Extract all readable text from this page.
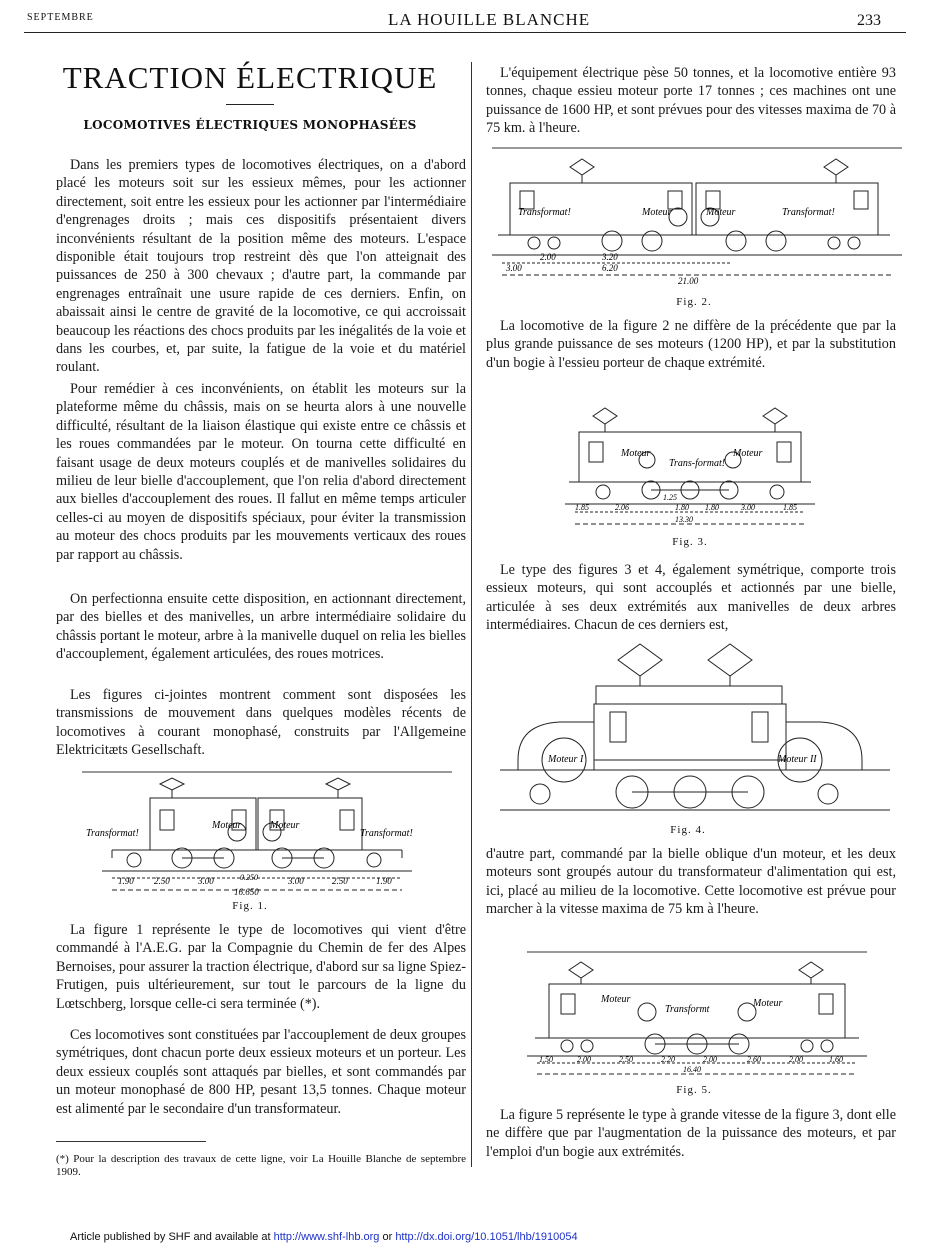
SEPTEMBRE	LA HOUILLE BLANCHE	233
TRACTION ÉLECTRIQUE
LOCOMOTIVES ÉLECTRIQUES MONOPHASÉES
Dans les premiers types de locomotives électriques, on a d'abord placé les moteurs soit sur les essieux mêmes, pour les actionner directement, soit entre les essieux pour les actionner par l'intermédiaire d'engrenages droits ; mais ces dispositifs présentaient divers inconvénients résultant de la position même des moteurs. L'espace disponible était toujours trop restreint dès que l'on atteignait des puissances de 250 à 300 chevaux ; d'autre part, la commande par engrenages entraînait une usure rapide de ces derniers. Enfin, on abaissait ainsi le centre de gravité de la locomotive, ce qui accroissait beaucoup les réactions des chocs produits par les inégalités de la voie et dans les courbes, et, par suite, la fatigue de la voie et du matériel roulant.
Pour remédier à ces inconvénients, on établit les moteurs sur la plateforme même du châssis, mais on se heurta alors à une nouvelle difficulté, résultant de la liaison élastique qui existe entre ce châssis et les roues commandées par le moteur. On tourna cette difficulté en faisant usage de deux moteurs couplés et de manivelles solidaires du milieu de leur bielle d'accouplement, que l'on relia d'abord directement aux bielles d'accouplement des roues. Il fallut en même temps articuler celles-ci au moyen de dispositifs spéciaux, pour éviter la transmission au moteur des chocs produits par les mouvements verticaux des roues par rapport au châssis.
On perfectionna ensuite cette disposition, en actionnant directement, par des bielles et des manivelles, un arbre intermédiaire solidaire du châssis portant le moteur, arbre à la manivelle duquel on relia les bielles d'accouplement, également articulées, des roues motrices.
Les figures ci-jointes montrent comment sont disposées les transmissions de mouvement dans quelques modèles récents de locomotives à courant monophasé, construits par l'Allgemeine Elektricitæts Gesellschaft.
Transformat!
Moteur	Moteur
Transformat!
1.90 2.50	3.00	0.250	3.00	2.50	1.90
16.650
Fig. 1.
La figure 1 représente le type de locomotives qui vient d'être commandé à l'A.E.G. par la Compagnie du Chemin de fer des Alpes Bernoises, pour assurer la traction électrique, d'abord sur sa ligne Spiez-Frutigen, puis ultérieurement, sur tout le parcours de la ligne du Lœtschberg, lorsque celle-ci sera terminée (*).
Ces locomotives sont constituées par l'accouplement de deux groupes symétriques, dont chacun porte deux essieux moteurs et un porteur. Les deux essieux couplés sont attaqués par bielles, et sont commandés par un moteur monophasé de 800 HP, pesant 13,5 tonnes. Chaque moteur est alimenté par le secondaire d'un transformateur.
(*) Pour la description des travaux de cette ligne, voir La Houille Blanche de septembre 1909.
L'équipement électrique pèse 50 tonnes, et la locomotive entière 93 tonnes, chaque essieu moteur porte 17 tonnes ; ces machines ont une puissance de 1600 HP, et sont prévues pour des vitesses maxima de 70 à 75 km. à l'heure.
Transformat!	Moteur	Moteur	Transformat!
2.00	3.20
3.00	6.20
21.00
Fig. 2.
La locomotive de la figure 2 ne diffère de la précédente que par la plus grande puissance de ses moteurs (1200 HP), et par la substitution d'un bogie à l'essieu porteur de chaque extrémité.
Moteur
Trans-format!
Moteur
1.85	2.06
1.25
1.80 1.80	3.00	1.85
13.30
Fig. 3.
Le type des figures 3 et 4, également symétrique, comporte trois essieux moteurs, qui sont accouplés et actionnés par une bielle, articulée à ses deux extrémités aux manivelles de deux arbres intermédiaires. Chacun de ces derniers est,
Moteur I	Moteur II
Fig. 4.
d'autre part, commandé par la bielle oblique d'un moteur, et les deux moteurs sont groupés autour du transformateur d'alimentation qui est, ici, placé au milieu de la locomotive. Cette locomotive est prévue pour marcher à la vitesse maxima de 75 km à l'heure.
Moteur
Transformt
Moteur
1.50	2.00	2.50	2.20	2.00	2.60	2.00	1.60
16.40
Fig. 5.
La figure 5 représente le type à grande vitesse de la figure 3, dont elle ne diffère que par l'augmentation de la puissance des moteurs, et par l'emploi d'un bogie aux extrémités.
Article published by SHF and available at http://www.shf-lhb.org or http://dx.doi.org/10.1051/lhb/1910054
